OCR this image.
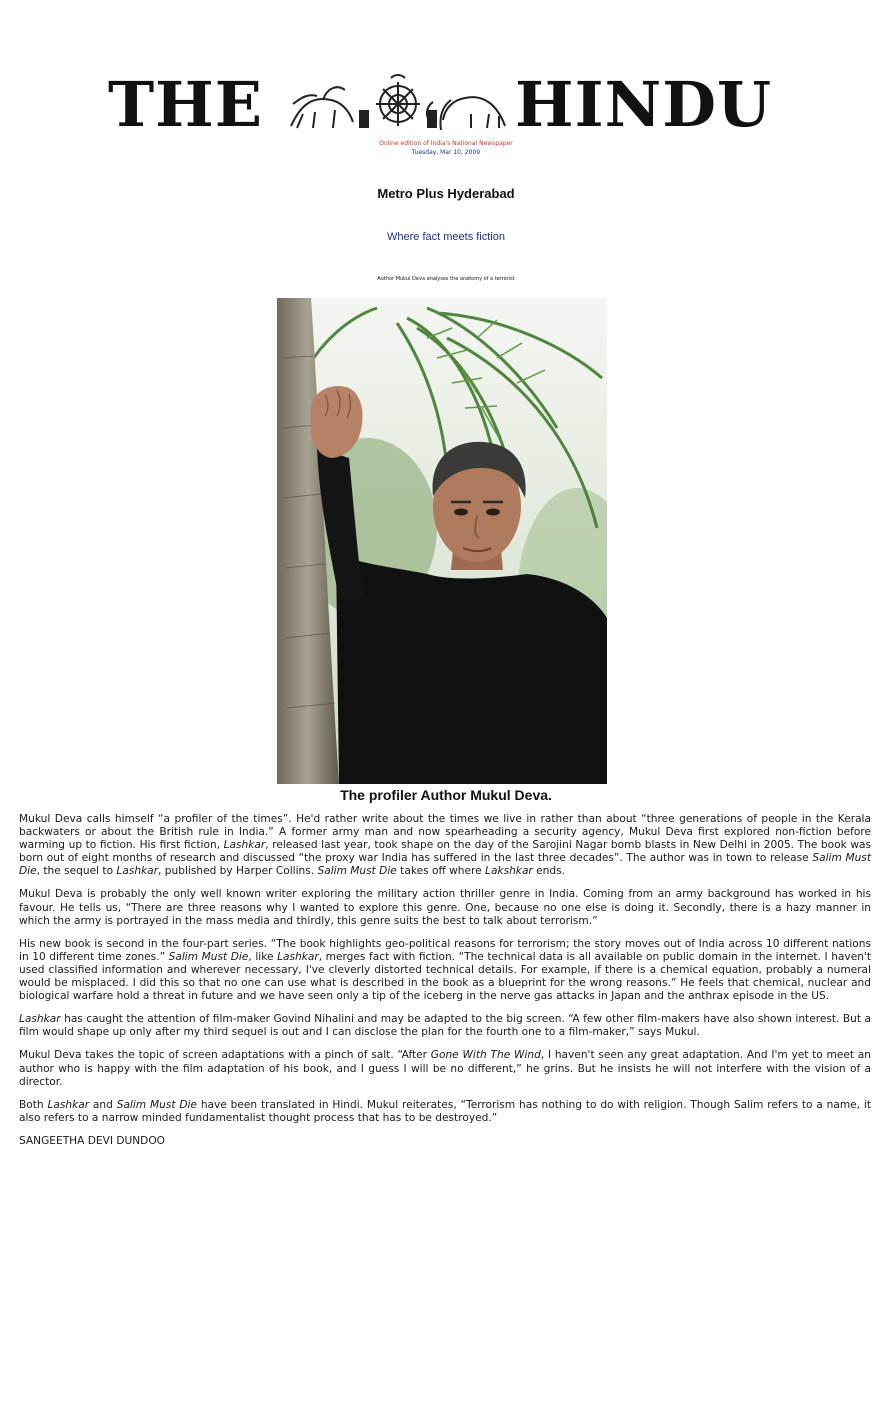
THE	HINDU
Online edition of India's National Newspaper
Tuesday, Mar 10, 2009
Metro Plus Hyderabad
Where fact meets fiction
Author Mukul Deva analyses the anatomy of a terrorist
The profiler Author Mukul Deva.

Mukul Deva calls himself “a profiler of the times”. He'd rather write about the times we live in rather than about “three generations of people in the Kerala backwaters or about the British rule in India.” A former army man and now spearheading a security agency, Mukul Deva first explored non-fiction before warming up to fiction. His first fiction, Lashkar, released last year, took shape on the day of the Sarojini Nagar bomb blasts in New Delhi in 2005. The book was born out of eight months of research and discussed “the proxy war India has suffered in the last three decades”. The author was in town to release Salim Must Die, the sequel to Lashkar, published by Harper Collins. Salim Must Die takes off where Lakshkar ends.

Mukul Deva is probably the only well known writer exploring the military action thriller genre in India. Coming from an army background has worked in his favour. He tells us, “There are three reasons why I wanted to explore this genre. One, because no one else is doing it. Secondly, there is a hazy manner in which the army is portrayed in the mass media and thirdly, this genre suits the best to talk about terrorism.”

His new book is second in the four-part series. “The book highlights geo-political reasons for terrorism; the story moves out of India across 10 different nations in 10 different time zones.” Salim Must Die, like Lashkar, merges fact with fiction. “The technical data is all available on public domain in the internet. I haven't used classified information and wherever necessary, I've cleverly distorted technical details. For example, if there is a chemical equation, probably a numeral would be misplaced. I did this so that no one can use what is described in the book as a blueprint for the wrong reasons.” He feels that chemical, nuclear and biological warfare hold a threat in future and we have seen only a tip of the iceberg in the nerve gas attacks in Japan and the anthrax episode in the US.

Lashkar has caught the attention of film-maker Govind Nihalini and may be adapted to the big screen. “A few other film-makers have also shown interest. But a film would shape up only after my third sequel is out and I can disclose the plan for the fourth one to a film-maker,” says Mukul.

Mukul Deva takes the topic of screen adaptations with a pinch of salt. “After Gone With The Wind, I haven't seen any great adaptation. And I'm yet to meet an author who is happy with the film adaptation of his book, and I guess I will be no different,” he grins. But he insists he will not interfere with the vision of a director.

Both Lashkar and Salim Must Die have been translated in Hindi. Mukul reiterates, “Terrorism has nothing to do with religion. Though Salim refers to a name, it also refers to a narrow minded fundamentalist thought process that has to be destroyed.”

SANGEETHA DEVI DUNDOO
